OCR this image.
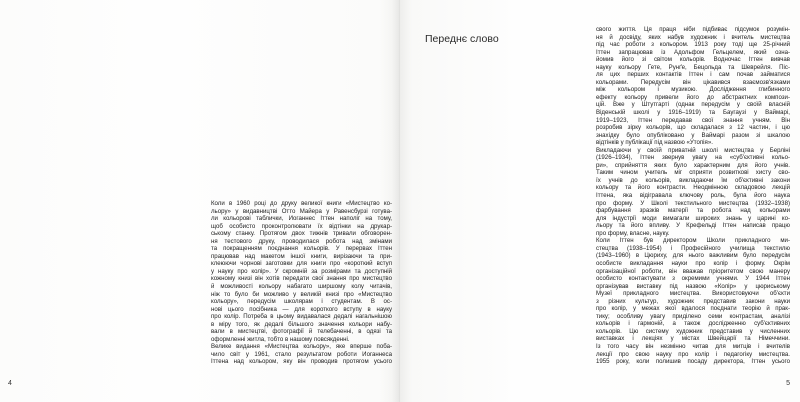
Коли в 1960 році до друку великої книги «Мистецтво ко-
льору» у видавництві Отто Майера у Равенсбурзі готува-
ли кольорові таблички, Йоганнес Іттен наполіг на тому,
щоб особисто проконтролювати їх відтінки на друкар-
ському станку. Протягом двох тижнів тривали обговорен-
ня тестового друку, проводилася робота над змінами
та покращенням поєднання кольорів. У перервах Іттен
працював над макетом іншої книги, вирізаючи та при-
клеюючи чорнові заготовки для книги про «короткий вступ
у науку про колір». У скромній за розмірами та доступній
кожному книзі він хотів передати свої знання про мистецтво
й можливості кольору набагато ширшому колу читачів,
ніж то було би можливо у великій книзі про «Мистецтво
кольору», передусім школярам і студентам. В ос-
нові цього посібника — для короткого вступу в науку
про колір. Потреба в цьому видавалася дедалі нагальнішою
в міру того, як дедалі більшого значення кольори набу-
вали в мистецтві, фотографії й телебаченні, в одязі та
оформленні житла, тобто в нашому повсякденні.
Велике видання «Мистецтва кольору», яке вперше поба-
чило світ у 1961, стало результатом роботи Йоганнеса
Іттена над кольором, яку він проводив протягом усього
4
Переднє слово
свого життя. Ця праця ніби підбиває підсумок розумін-
ня й досвіду, яких набув художник і вчитель мистецтва
під час роботи з кольором. 1913 року тоді ще 25-річний
Іттен запрацював із Адольфом Гельцелем, який озна-
йомив його зі світом кольорів. Водночас Іттен вивчав
науку кольору Гете, Рунґе, Бецольда та Шеврейля. Піс-
ля цих перших контактів Іттен і сам почав займатися
кольорами. Передусім він цікавився взаємозв'язками
між кольором і музикою. Дослідження глибинного
ефекту кольору привели його до абстрактних компози-
цій. Вже у Штутгарті (однак передусім у своїй власній
Віденській школі у 1916–1919) та Баугаузі у Ваймарі,
1919–1923, Іттен передавав свої знання учням. Він
розробив зірку кольорів, що складалася з 12 частин, і цю
знахідку було опубліковано у Ваймарі разом зі шкалою
відтінків у публікації під назвою «Утопія».
Викладаючи у своїй приватній школі мистецтва у Берліні
(1926–1934), Іттен звернув увагу на «суб'єктивні кольо-
ри», сприйняття яких було характерним для його учнів.
Таким чином учитель міг сприяти розвиткові хисту сво-
їх учнів до кольорів, викладаючи їм об'єктивні закони
кольору та його контрасти. Неодмінною складовою лекцій
Іттена, яка відігравала ключову роль, була його наука
про форму. У Школі текстильного мистецтва (1932–1938)
фарбування зразків матерії та робота над кольорами
для індустрії моди вимагали широких знань у царині ко-
льору та його впливу. У Крефельді Іттен написав працю
про форму, власне, науку.
Коли Іттен був директором Школи прикладного ми-
стецтва (1938–1954) і Професійного училища текстилю
(1943–1960) в Цюриху, для нього важливим було передусім
особисте викладання науки про колір і форму. Окрім
організаційної роботи, він вважав пріоритетом свою манеру
особисто контактувати з окремими учнями. У 1944 Іттен
організував виставку під назвою «Колір» у цюриському
Музеї прикладного мистецтва. Використовуючи об'єкти
з різних культур, художник представив закони науки
про колір, у межах якої вдалося поєднати теорію й прак-
тику; особливу увагу приділено семи контрастам, аналізі
кольорів і гармоній, а також дослідженню суб'єктивних
кольорів. Цю систему художник представив у численних
виставках і лекціях у містах Швейцарії та Німеччини.
Із того часу він незмінно читав для митців і вчителів
лекції про свою науку про колір і педагогіку мистецтва.
1955 року, коли полишив посаду директора, Іттен усього
5
